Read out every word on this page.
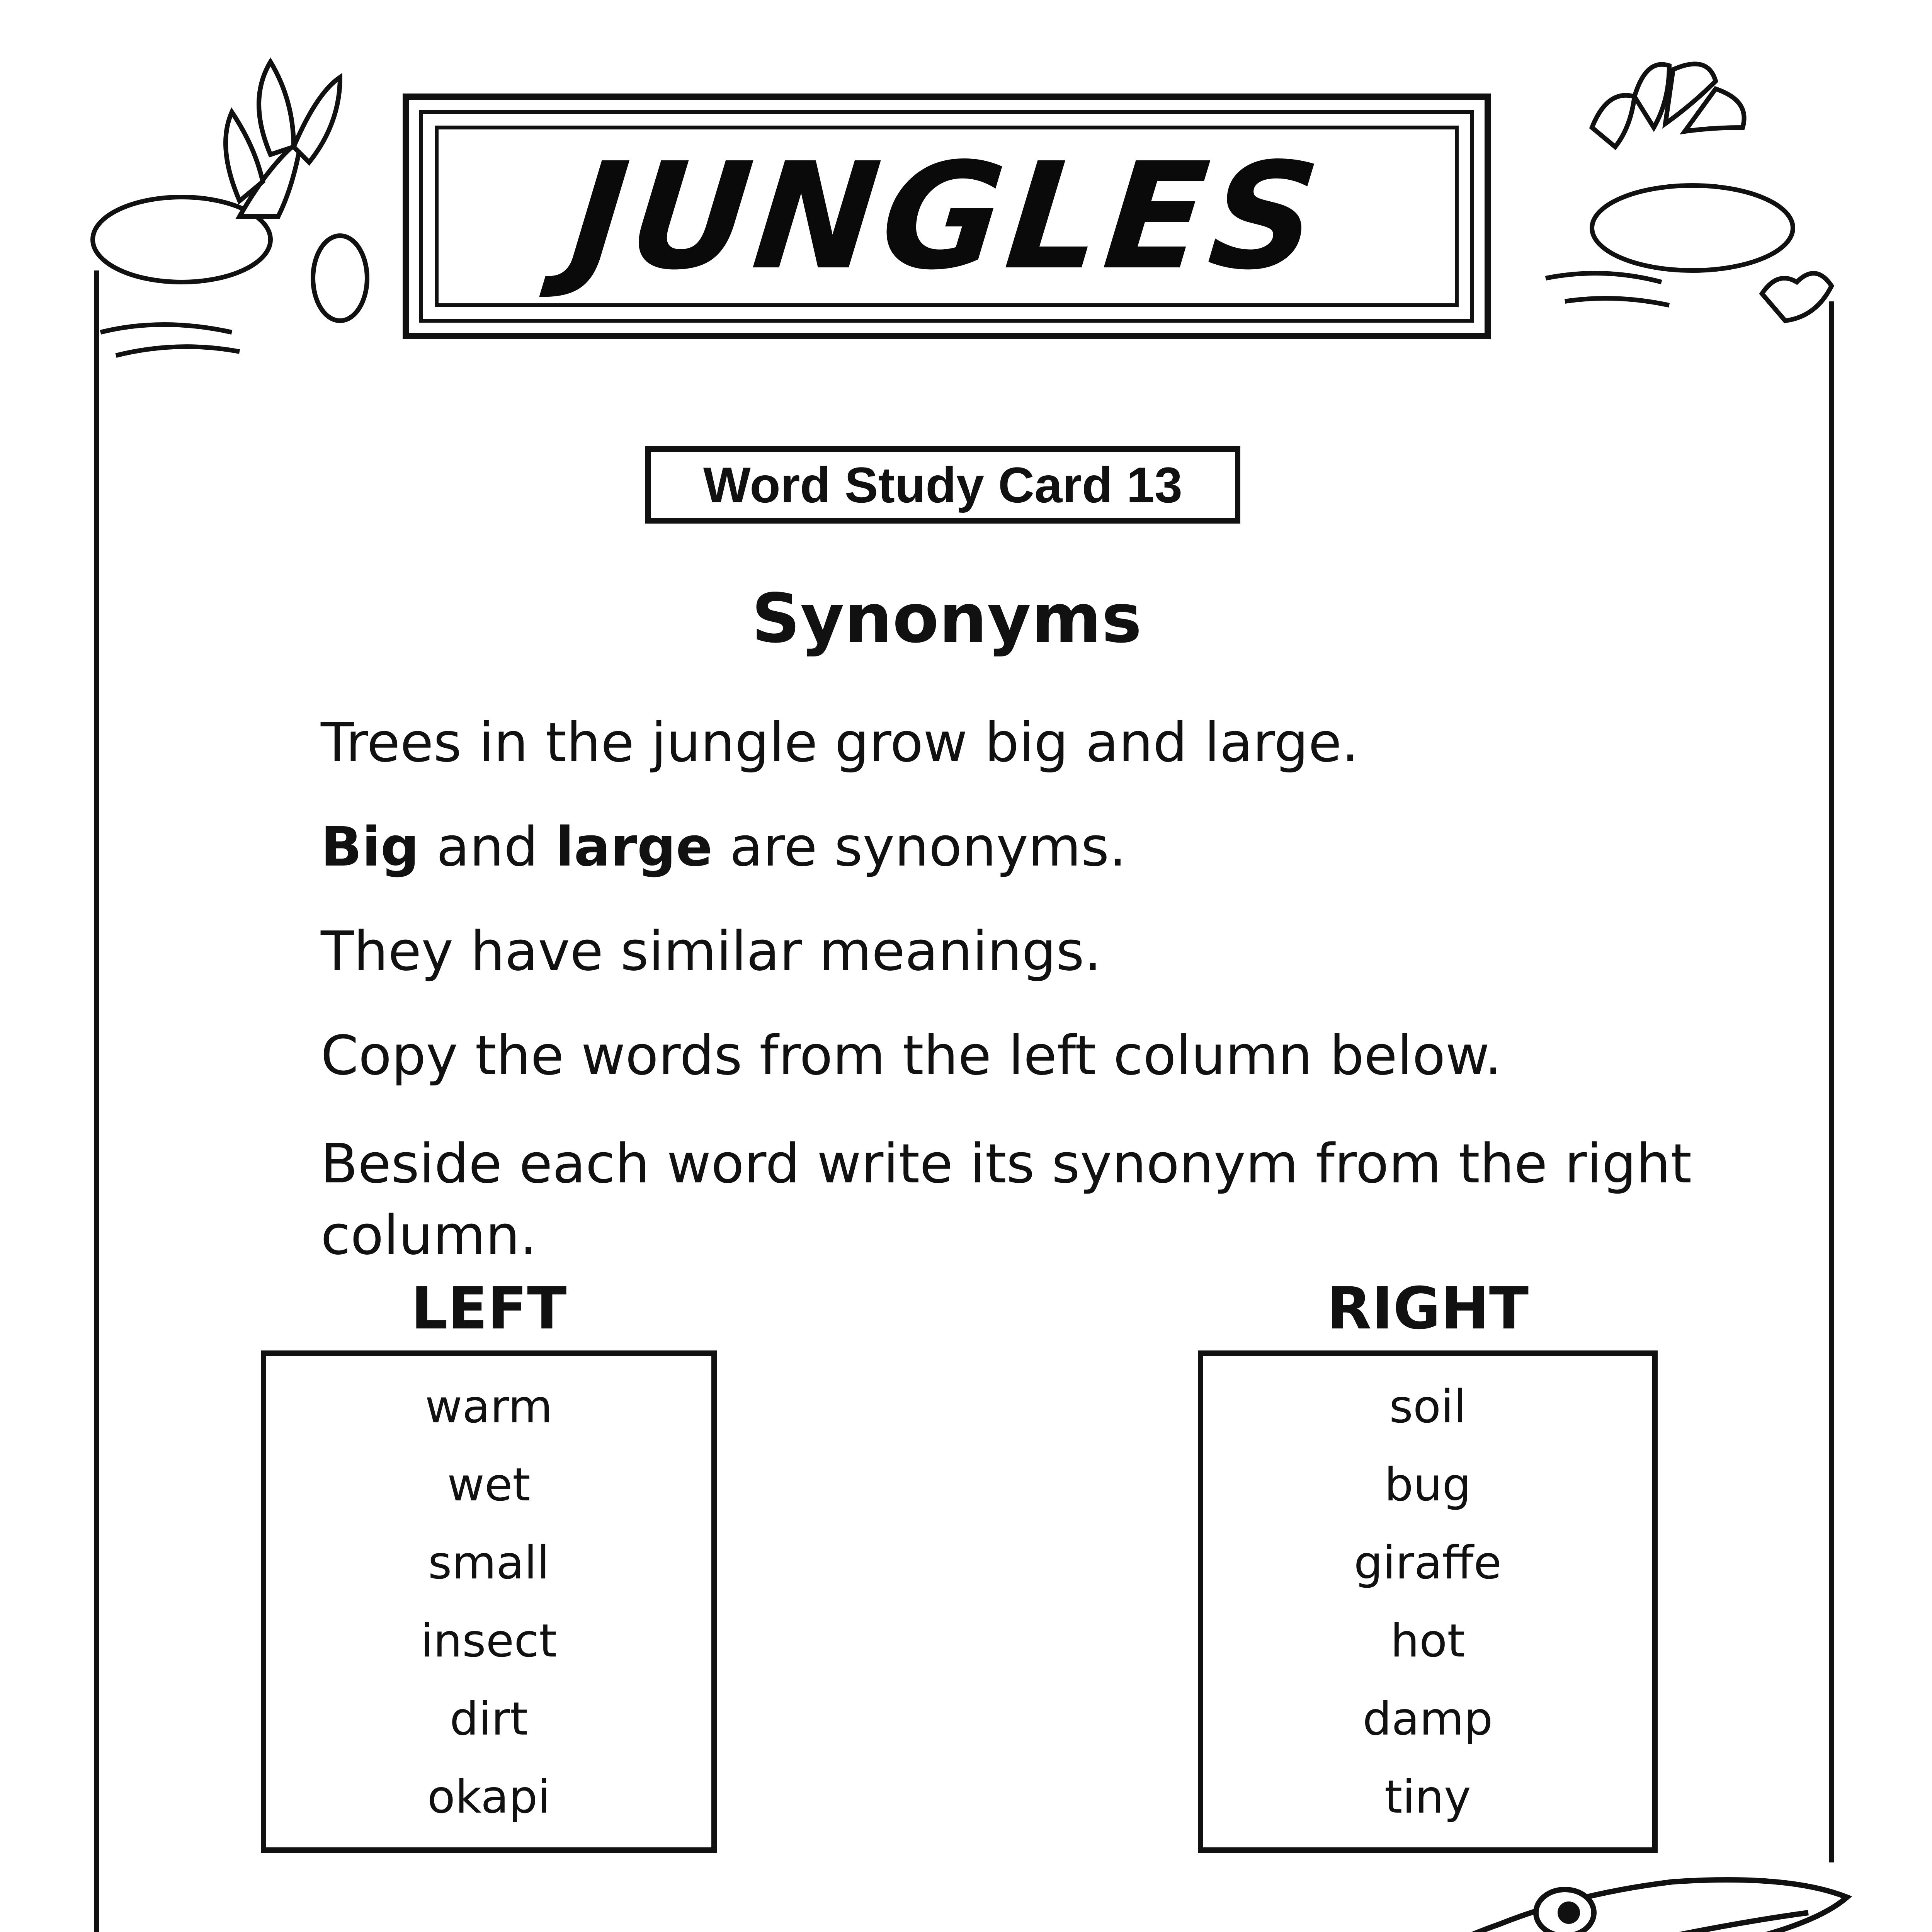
JUNGLES
Word Study Card 13
Synonyms
Trees in the jungle grow big and large.
Big and large are synonyms.
They have similar meanings.
Copy the words from the left column below.
Beside each word write its synonym from the right column.
LEFT
warm
wet
small
insect
dirt
okapi
RIGHT
soil
bug
giraffe
hot
damp
tiny
